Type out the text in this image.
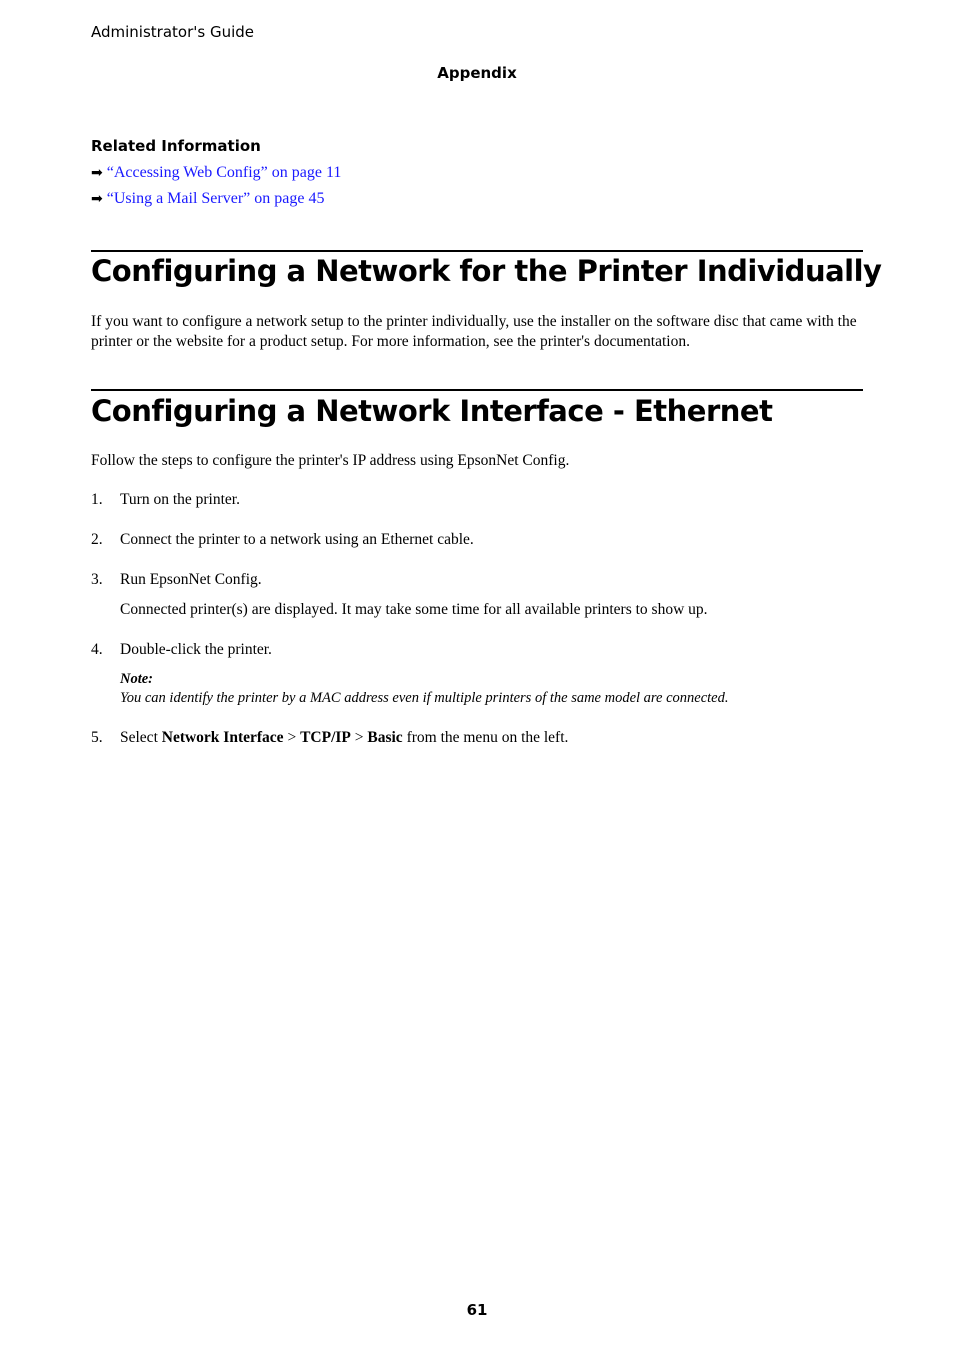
Administrator's Guide
Appendix
Related Information
➡ “Accessing Web Config” on page 11
➡ “Using a Mail Server” on page 45
Configuring a Network for the Printer Individually
If you want to configure a network setup to the printer individually, use the installer on the software disc that came with the printer or the website for a product setup. For more information, see the printer's documentation.
Configuring a Network Interface - Ethernet
Follow the steps to configure the printer's IP address using EpsonNet Config.
1. Turn on the printer.
2. Connect the printer to a network using an Ethernet cable.
3. Run EpsonNet Config.
Connected printer(s) are displayed. It may take some time for all available printers to show up.
4. Double-click the printer.
Note:
You can identify the printer by a MAC address even if multiple printers of the same model are connected.
5. Select Network Interface > TCP/IP > Basic from the menu on the left.
61
